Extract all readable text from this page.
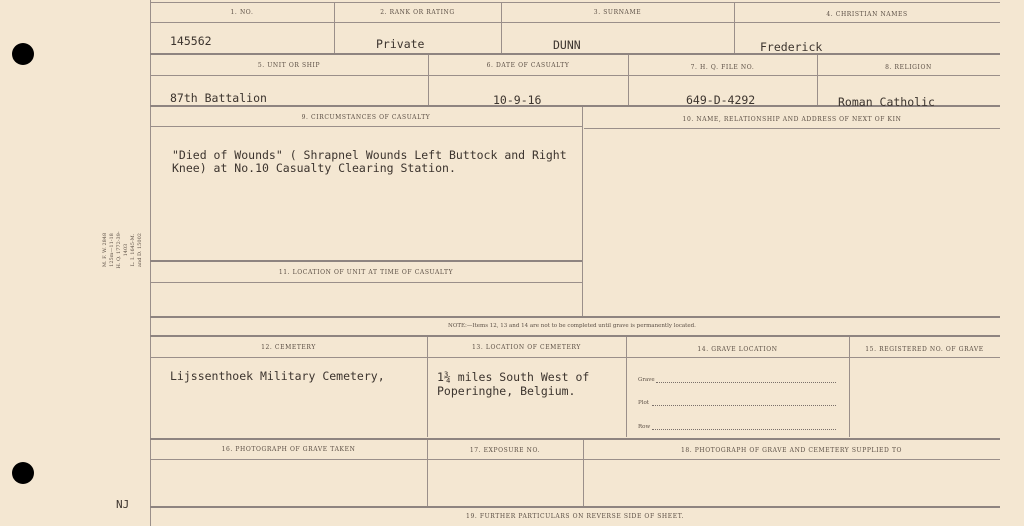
M. F. W. 2848 125m—11-18 H. Q. 1772-39-1403 L. I. 1645-M. and D. 15002
NJ
1. NO.	2. RANK OR RATING	3. SURNAME	4. CHRISTIAN NAMES
145562	Private	DUNN	Frederick
5. UNIT OR SHIP	6. DATE OF CASUALTY	7. H. Q. FILE NO.	8. RELIGION
87th Battalion	10-9-16	649-D-4292	Roman Catholic
9. CIRCUMSTANCES OF CASUALTY	10. NAME, RELATIONSHIP AND ADDRESS OF NEXT OF KIN
"Died of Wounds" ( Shrapnel Wounds Left Buttock and Right
Knee) at No.10 Casualty Clearing Station.
11. LOCATION OF UNIT AT TIME OF CASUALTY
NOTE:—Items 12, 13 and 14 are not to be completed until grave is permanently located.
12. CEMETERY	13. LOCATION OF CEMETERY	14. GRAVE LOCATION	15. REGISTERED NO. OF GRAVE
Lijssenthoek Military Cemetery,	1¾ miles South West of
Poperinghe, Belgium.
Grave
Plot
Row
16. PHOTOGRAPH OF GRAVE TAKEN	17. EXPOSURE NO.	18. PHOTOGRAPH OF GRAVE AND CEMETERY SUPPLIED TO
19. FURTHER PARTICULARS ON REVERSE SIDE OF SHEET.
